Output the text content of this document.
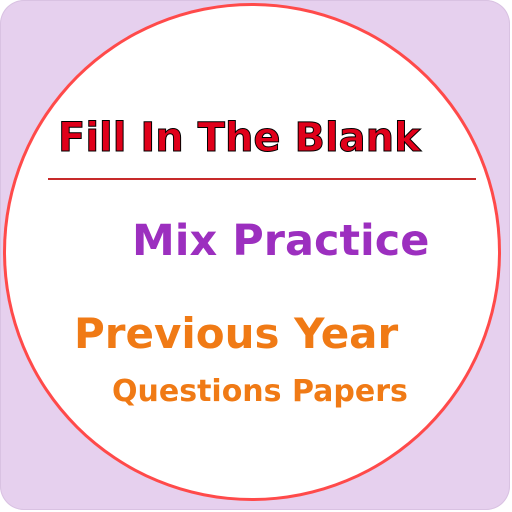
Fill In The Blank
Mix Practice
Previous Year
Questions Papers
